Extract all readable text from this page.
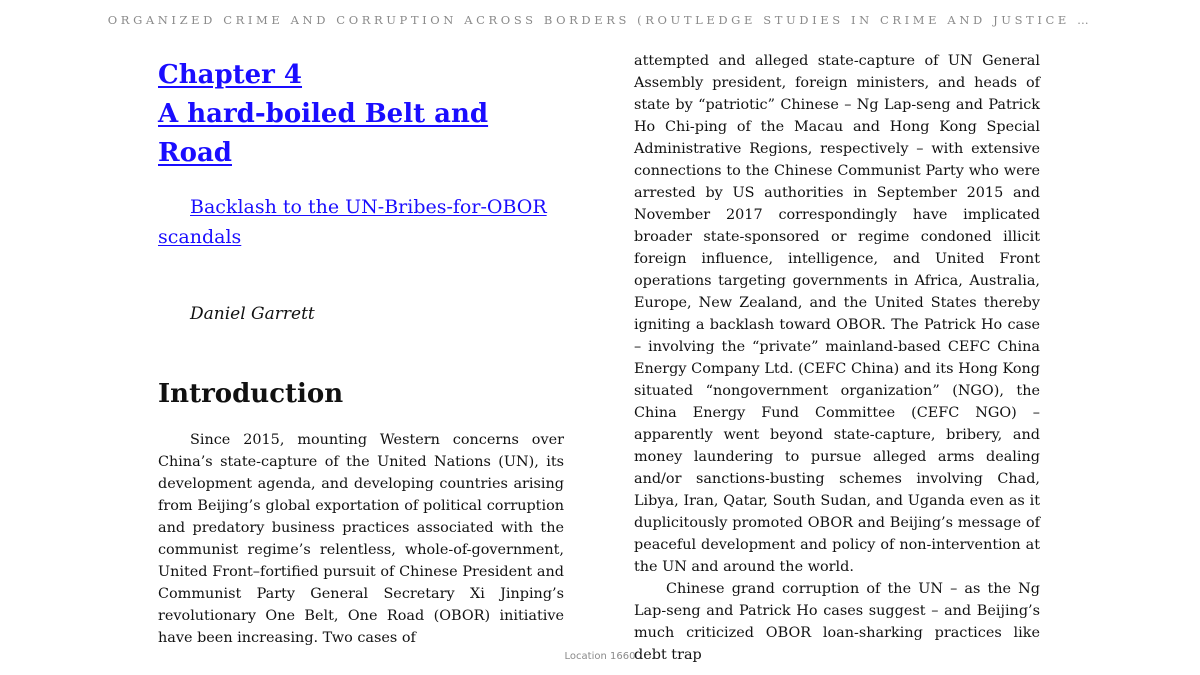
ORGANIZED CRIME AND CORRUPTION ACROSS BORDERS (ROUTLEDGE STUDIES IN CRIME AND JUSTICE …
Chapter 4
A hard-boiled Belt and
Road

Backlash to the UN-Bribes-for-OBOR scandals

Daniel Garrett

Introduction

Since 2015, mounting Western concerns over China’s state-capture of the United Nations (UN), its development agenda, and developing countries arising from Beijing’s global exportation of political corruption and predatory business practices associated with the communist regime’s relentless, whole-of-government, United Front–fortified pursuit of Chinese President and Communist Party General Secretary Xi Jinping’s revolutionary One Belt, One Road (OBOR) initiative have been increasing. Two cases of

attempted and alleged state-capture of UN General Assembly president, foreign ministers, and heads of state by “patriotic” Chinese – Ng Lap-seng and Patrick Ho Chi-ping of the Macau and Hong Kong Special Administrative Regions, respectively – with extensive connections to the Chinese Communist Party who were arrested by US authorities in September 2015 and November 2017 correspondingly have implicated broader state-sponsored or regime condoned illicit foreign influence, intelligence, and United Front operations targeting governments in Africa, Australia, Europe, New Zealand, and the United States thereby igniting a backlash toward OBOR. The Patrick Ho case – involving the “private” mainland-based CEFC China Energy Company Ltd. (CEFC China) and its Hong Kong situated “nongovernment organization” (NGO), the China Energy Fund Committee (CEFC NGO) – apparently went beyond state-capture, bribery, and money laundering to pursue alleged arms dealing and/or sanctions-busting schemes involving Chad, Libya, Iran, Qatar, South Sudan, and Uganda even as it duplicitously promoted OBOR and Beijing’s message of peaceful development and policy of non-intervention at the UN and around the world.

Chinese grand corruption of the UN – as the Ng Lap-seng and Patrick Ho cases suggest – and Beijing’s much criticized OBOR loan-sharking practices like debt trap

Location 1660
